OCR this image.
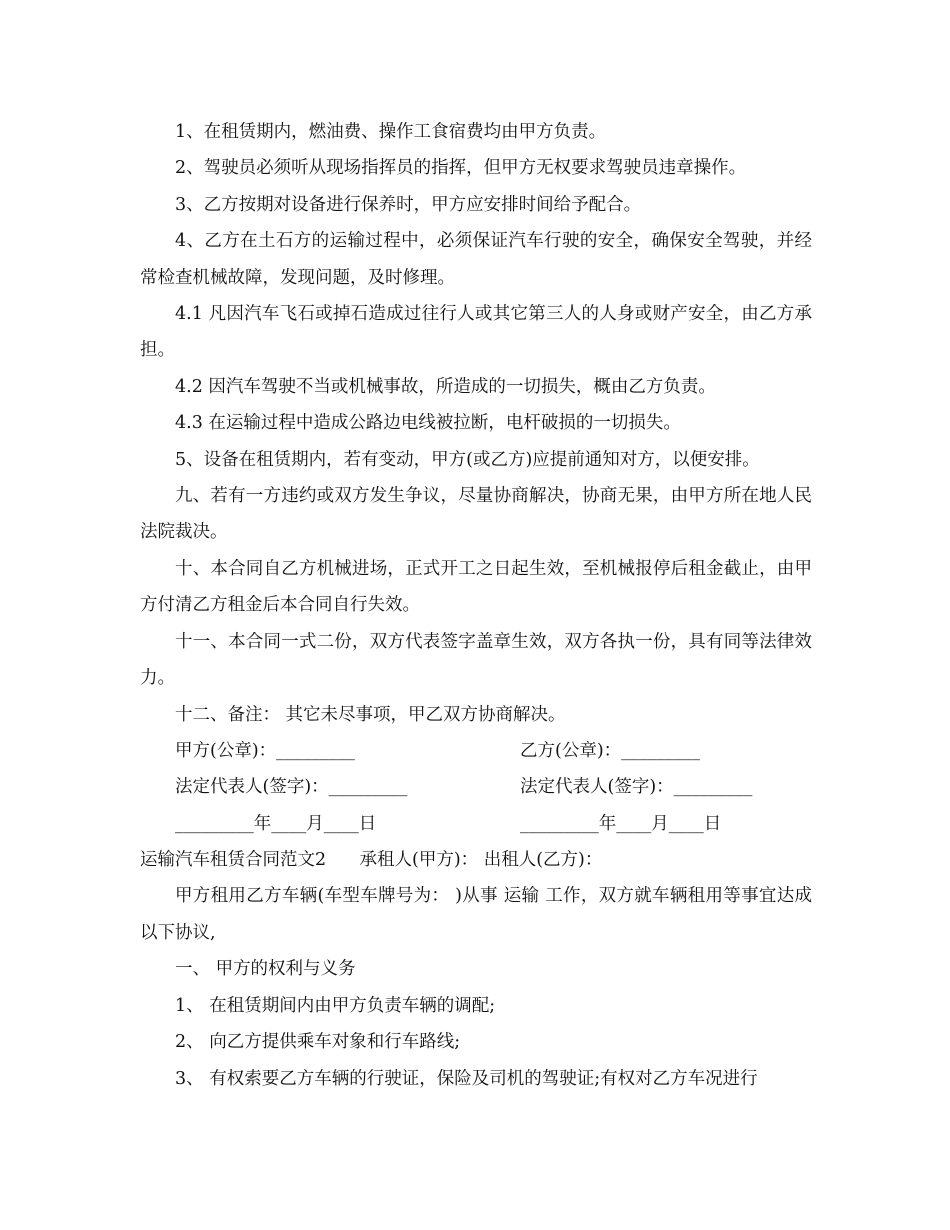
1、在租赁期内，燃油费、操作工食宿费均由甲方负责。

2、驾驶员必须听从现场指挥员的指挥，但甲方无权要求驾驶员违章操作。

3、乙方按期对设备进行保养时，甲方应安排时间给予配合。

4、乙方在土石方的运输过程中，必须保证汽车行驶的安全，确保安全驾驶，并经常检查机械故障，发现问题，及时修理。

4.1 凡因汽车飞石或掉石造成过往行人或其它第三人的人身或财产安全，由乙方承担。

4.2 因汽车驾驶不当或机械事故，所造成的一切损失，概由乙方负责。

4.3 在运输过程中造成公路边电线被拉断，电杆破损的一切损失。

5、设备在租赁期内，若有变动，甲方(或乙方)应提前通知对方，以便安排。

九、若有一方违约或双方发生争议，尽量协商解决，协商无果，由甲方所在地人民法院裁决。

十、本合同自乙方机械进场，正式开工之日起生效，至机械报停后租金截止，由甲方付清乙方租金后本合同自行失效。

十一、本合同一式二份，双方代表签字盖章生效，双方各执一份，具有同等法律效力。

十二、备注： 其它未尽事项，甲乙双方协商解决。

甲方(公章)：_________	乙方(公章)：_________
法定代表人(签字)：_________	法定代表人(签字)：_________
_________年____月____日	_________年____月____日

运输汽车租赁合同范文2      承租人(甲方)： 出租人(乙方)：

甲方租用乙方车辆(车型车牌号为： )从事 运输 工作，双方就车辆租用等事宜达成以下协议,

一、 甲方的权利与义务

1、 在租赁期间内由甲方负责车辆的调配;

2、 向乙方提供乘车对象和行车路线;

3、 有权索要乙方车辆的行驶证，保险及司机的驾驶证;有权对乙方车况进行
